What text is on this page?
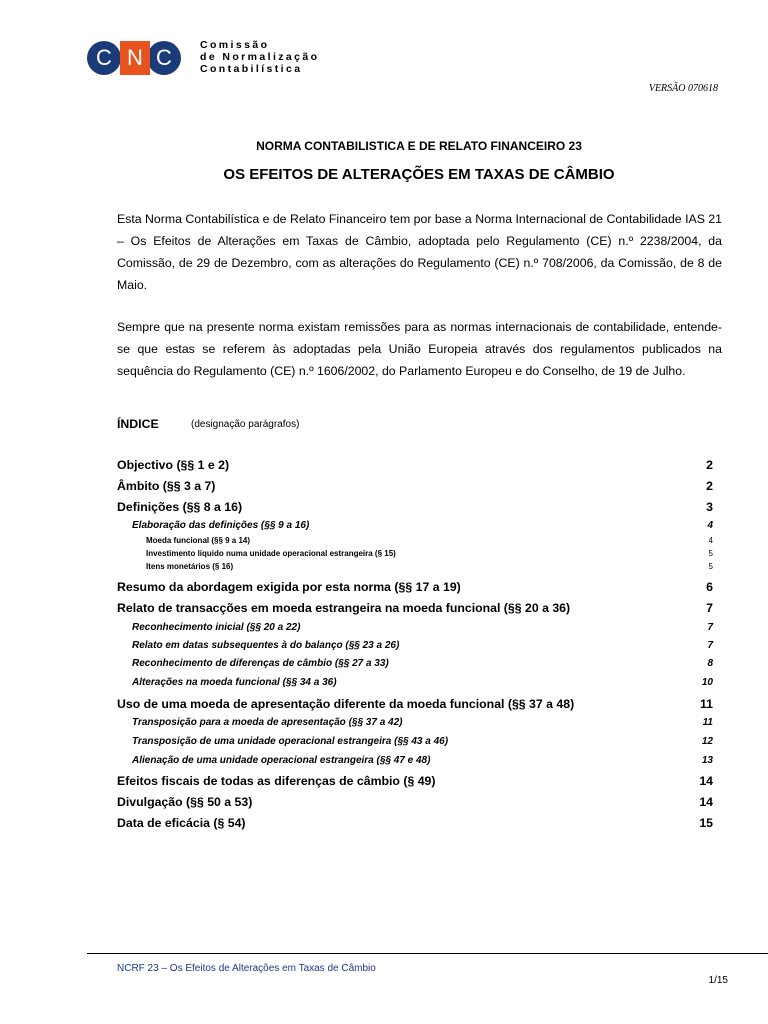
C N C	Comissão
de Normalização
Contabilística
VERSÃO 070618
NORMA CONTABILISTICA E DE RELATO FINANCEIRO 23
OS EFEITOS DE ALTERAÇÕES EM TAXAS DE CÂMBIO

Esta Norma Contabilística e de Relato Financeiro tem por base a Norma Internacional de Contabilidade IAS 21 – Os Efeitos de Alterações em Taxas de Câmbio, adoptada pelo Regulamento (CE) n.º 2238/2004, da Comissão, de 29 de Dezembro, com as alterações do Regulamento (CE) n.º 708/2006, da Comissão, de 8 de Maio.

Sempre que na presente norma existam remissões para as normas internacionais de contabilidade, entende-se que estas se referem às adoptadas pela União Europeia através dos regulamentos publicados na sequência do Regulamento (CE) n.º 1606/2002, do Parlamento Europeu e do Conselho, de 19 de Julho.

ÍNDICE	(designação parágrafos)
Objectivo (§§ 1 e 2)	2
Âmbito (§§ 3 a 7)	2
Definições (§§ 8 a 16)	3
Elaboração das definições (§§ 9 a 16)	4
Moeda funcional (§§ 9 a 14)	4
Investimento líquido numa unidade operacional estrangeira (§ 15)	5
Itens monetários (§ 16)	5
Resumo da abordagem exigida por esta norma (§§ 17 a 19)	6
Relato de transacções em moeda estrangeira na moeda funcional (§§ 20 a 36)	7
Reconhecimento inicial (§§ 20 a 22)	7
Relato em datas subsequentes à do balanço (§§ 23 a 26)	7
Reconhecimento de diferenças de câmbio (§§ 27 a 33)	8
Alterações na moeda funcional (§§ 34 a 36)	10
Uso de uma moeda de apresentação diferente da moeda funcional (§§ 37 a 48)	11
Transposição para a moeda de apresentação (§§ 37 a 42)	11
Transposição de uma unidade operacional estrangeira (§§ 43 a 46)	12
Alienação de uma unidade operacional estrangeira (§§ 47 e 48)	13
Efeitos fiscais de todas as diferenças de câmbio (§ 49)	14
Divulgação (§§ 50 a 53)	14
Data de eficácia (§ 54)	15
NCRF 23 – Os Efeitos de Alterações em Taxas de Câmbio
1/15
